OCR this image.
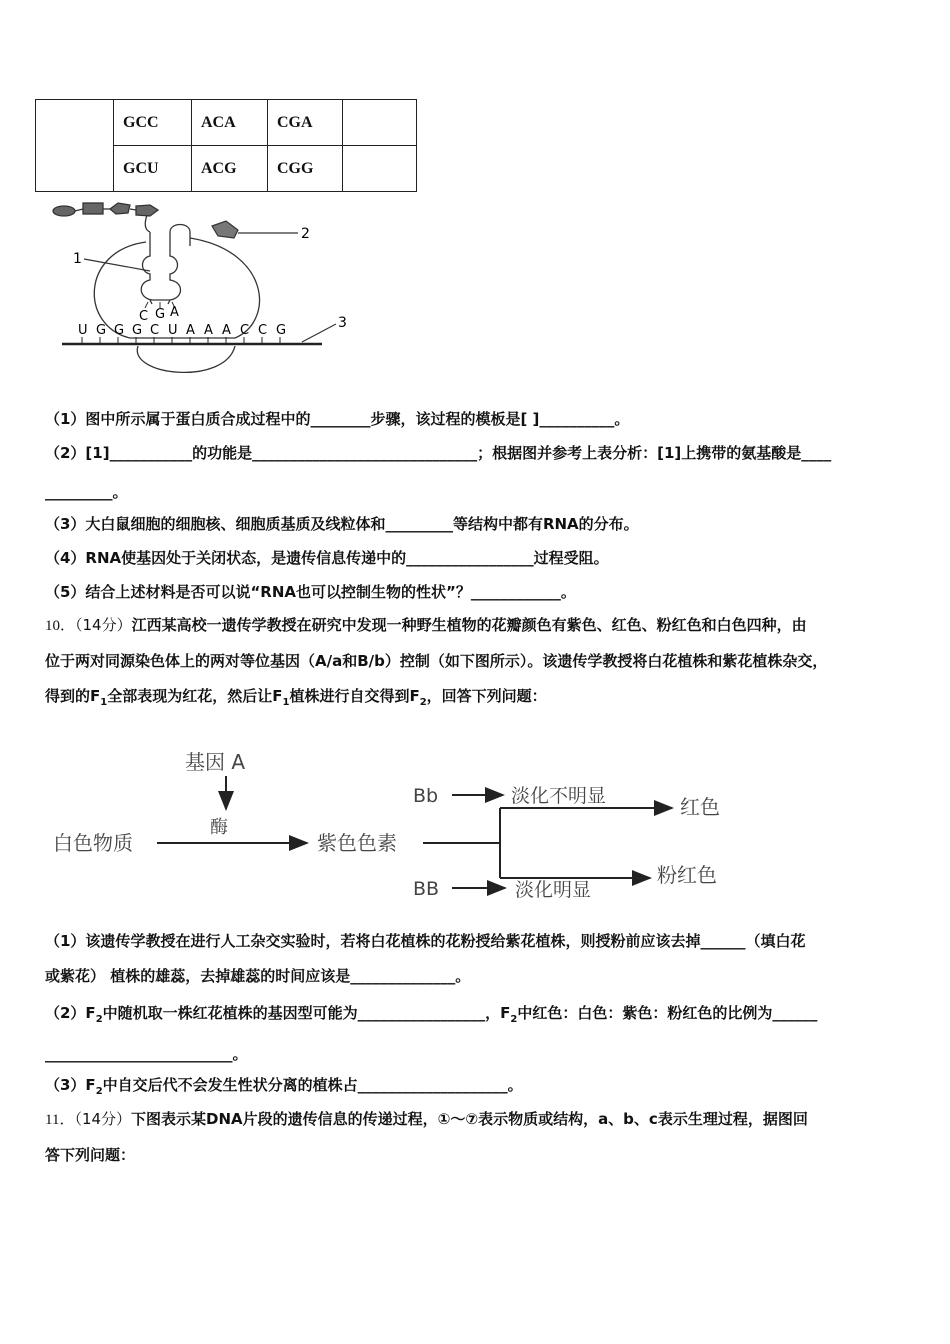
	GCC	ACA	CGA	
	GCU	ACG	CGG	
2
1
C G A
U G G G C U A A A C C G	3
（1）图中所示属于蛋白质合成过程中的________步骤，该过程的模板是[ ]__________。
（2）[1]___________的功能是______________________________；根据图并参考上表分析：[1]上携带的氨基酸是____
_________。
（3）大白鼠细胞的细胞核、细胞质基质及线粒体和_________等结构中都有RNA的分布。
（4）RNA使基因处于关闭状态，是遗传信息传递中的_________________过程受阻。
（5）结合上述材料是否可以说“RNA也可以控制生物的性状”？____________。
10．（14分）江西某高校一遗传学教授在研究中发现一种野生植物的花瓣颜色有紫色、红色、粉红色和白色四种，由
位于两对同源染色体上的两对等位基因（A/a和B/b）控制（如下图所示）。该遗传学教授将白花植株和紫花植株杂交，
得到的$F_1$全部表现为红花，然后让$F_1$植株进行自交得到$F_2$，回答下列问题：
基因 A
酶
白色物质	紫色色素
Bb	淡化不明显	红色
BB	淡化明显
粉红色
（1）该遗传学教授在进行人工杂交实验时，若将白花植株的花粉授给紫花植株，则授粉前应该去掉______（填白花
或紫花） 植株的雄蕊，去掉雄蕊的时间应该是______________。
$(2)F_2$中随机取一株红花植株的基因型可能为_________________，$F_2$中红色：白色：紫色：粉红色的比例为______
_________________________。
$(3)F_2$中自交后代不会发生性状分离的植株占____________________。
11．（14分）下图表示某DNA片段的遗传信息的传递过程，①～⑦表示物质或结构，a、b、c表示生理过程，据图回
答下列问题：
